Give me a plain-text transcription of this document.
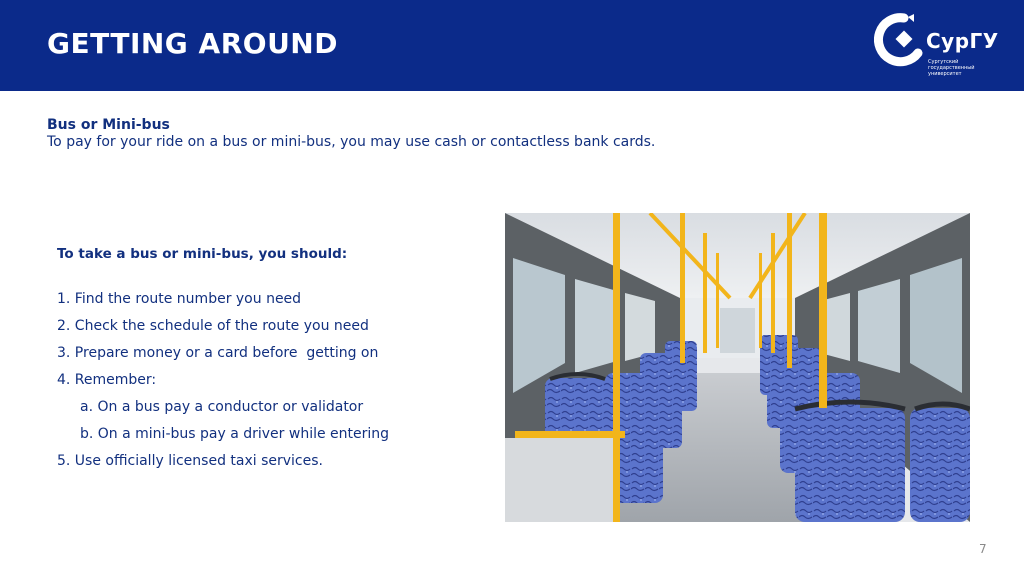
GETTING AROUND	СурГУ
Сургутский государственный университет
Bus or Mini-bus
To pay for your ride on a bus or mini-bus, you may use cash or contactless bank cards.
To take a bus or mini-bus, you should:
1. Find the route number you need
2. Check the schedule of the route you need
3. Prepare money or a card before  getting on
4. Remember:
a. On a bus pay a conductor or validator
b. On a mini-bus pay a driver while entering
5. Use officially licensed taxi services.
7
